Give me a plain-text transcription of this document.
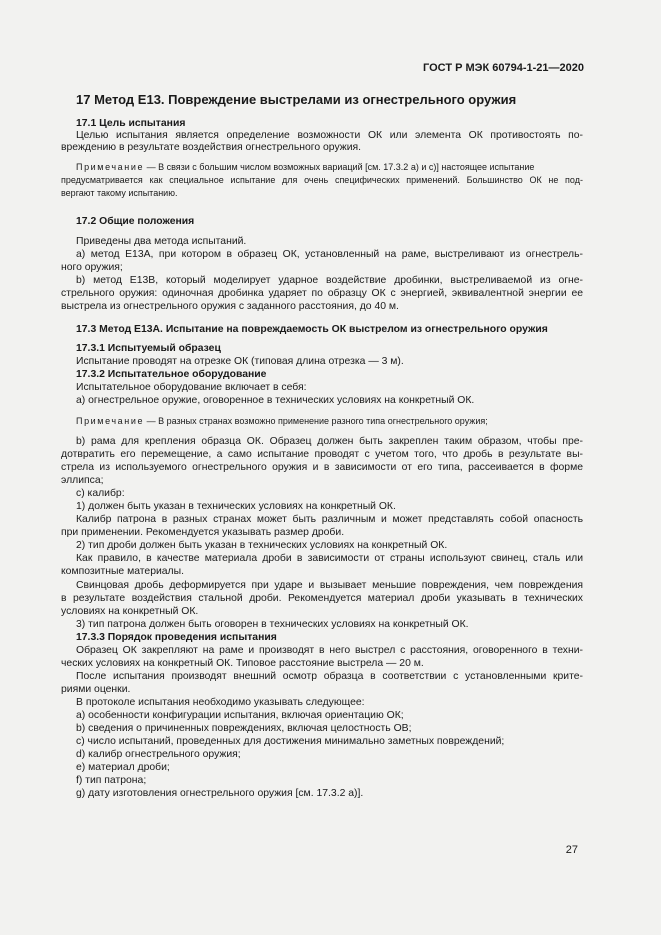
ГОСТ Р МЭК 60794-1-21—2020
17 Метод E13. Повреждение выстрелами из огнестрельного оружия
17.1 Цель испытания
Целью испытания является определение возможности ОК или элемента ОК противостоять по-
вреждению в результате воздействия огнестрельного оружия.
Примечание — В связи с большим числом возможных вариаций [см. 17.3.2 a) и c)] настоящее испытание
предусматривается как специальное испытание для очень специфических применений. Большинство ОК не под-
вергают такому испытанию.
17.2 Общие положения
Приведены два метода испытаний.
a) метод E13A, при котором в образец ОК, установленный на раме, выстреливают из огнестрель-
ного оружия;
b) метод E13B, который моделирует ударное воздействие дробинки, выстреливаемой из огне-
стрельного оружия: одиночная дробинка ударяет по образцу ОК с энергией, эквивалентной энергии ее
выстрела из огнестрельного оружия с заданного расстояния, до 40 м.
17.3 Метод E13A. Испытание на повреждаемость ОК выстрелом из огнестрельного оружия
17.3.1 Испытуемый образец
Испытание проводят на отрезке ОК (типовая длина отрезка — 3 м).
17.3.2 Испытательное оборудование
Испытательное оборудование включает в себя:
a) огнестрельное оружие, оговоренное в технических условиях на конкретный ОК.
Примечание — В разных странах возможно применение разного типа огнестрельного оружия;
b) рама для крепления образца ОК. Образец должен быть закреплен таким образом, чтобы пре-
дотвратить его перемещение, а само испытание проводят с учетом того, что дробь в результате вы-
стрела из используемого огнестрельного оружия и в зависимости от его типа, рассеивается в форме
эллипса;
c) калибр:
1) должен быть указан в технических условиях на конкретный ОК.
Калибр патрона в разных странах может быть различным и может представлять собой опасность
при применении. Рекомендуется указывать размер дроби.
2) тип дроби должен быть указан в технических условиях на конкретный ОК.
Как правило, в качестве материала дроби в зависимости от страны используют свинец, сталь или
композитные материалы.
Свинцовая дробь деформируется при ударе и вызывает меньшие повреждения, чем повреждения
в результате воздействия стальной дроби. Рекомендуется материал дроби указывать в технических
условиях на конкретный ОК.
3) тип патрона должен быть оговорен в технических условиях на конкретный ОК.
17.3.3 Порядок проведения испытания
Образец ОК закрепляют на раме и производят в него выстрел с расстояния, оговоренного в техни-
ческих условиях на конкретный ОК. Типовое расстояние выстрела — 20 м.
После испытания производят внешний осмотр образца в соответствии с установленными крите-
риями оценки.
В протоколе испытания необходимо указывать следующее:
a) особенности конфигурации испытания, включая ориентацию ОК;
b) сведения о причиненных повреждениях, включая целостность ОВ;
c) число испытаний, проведенных для достижения минимально заметных повреждений;
d) калибр огнестрельного оружия;
e) материал дроби;
f) тип патрона;
g) дату изготовления огнестрельного оружия [см. 17.3.2 a)].
27
